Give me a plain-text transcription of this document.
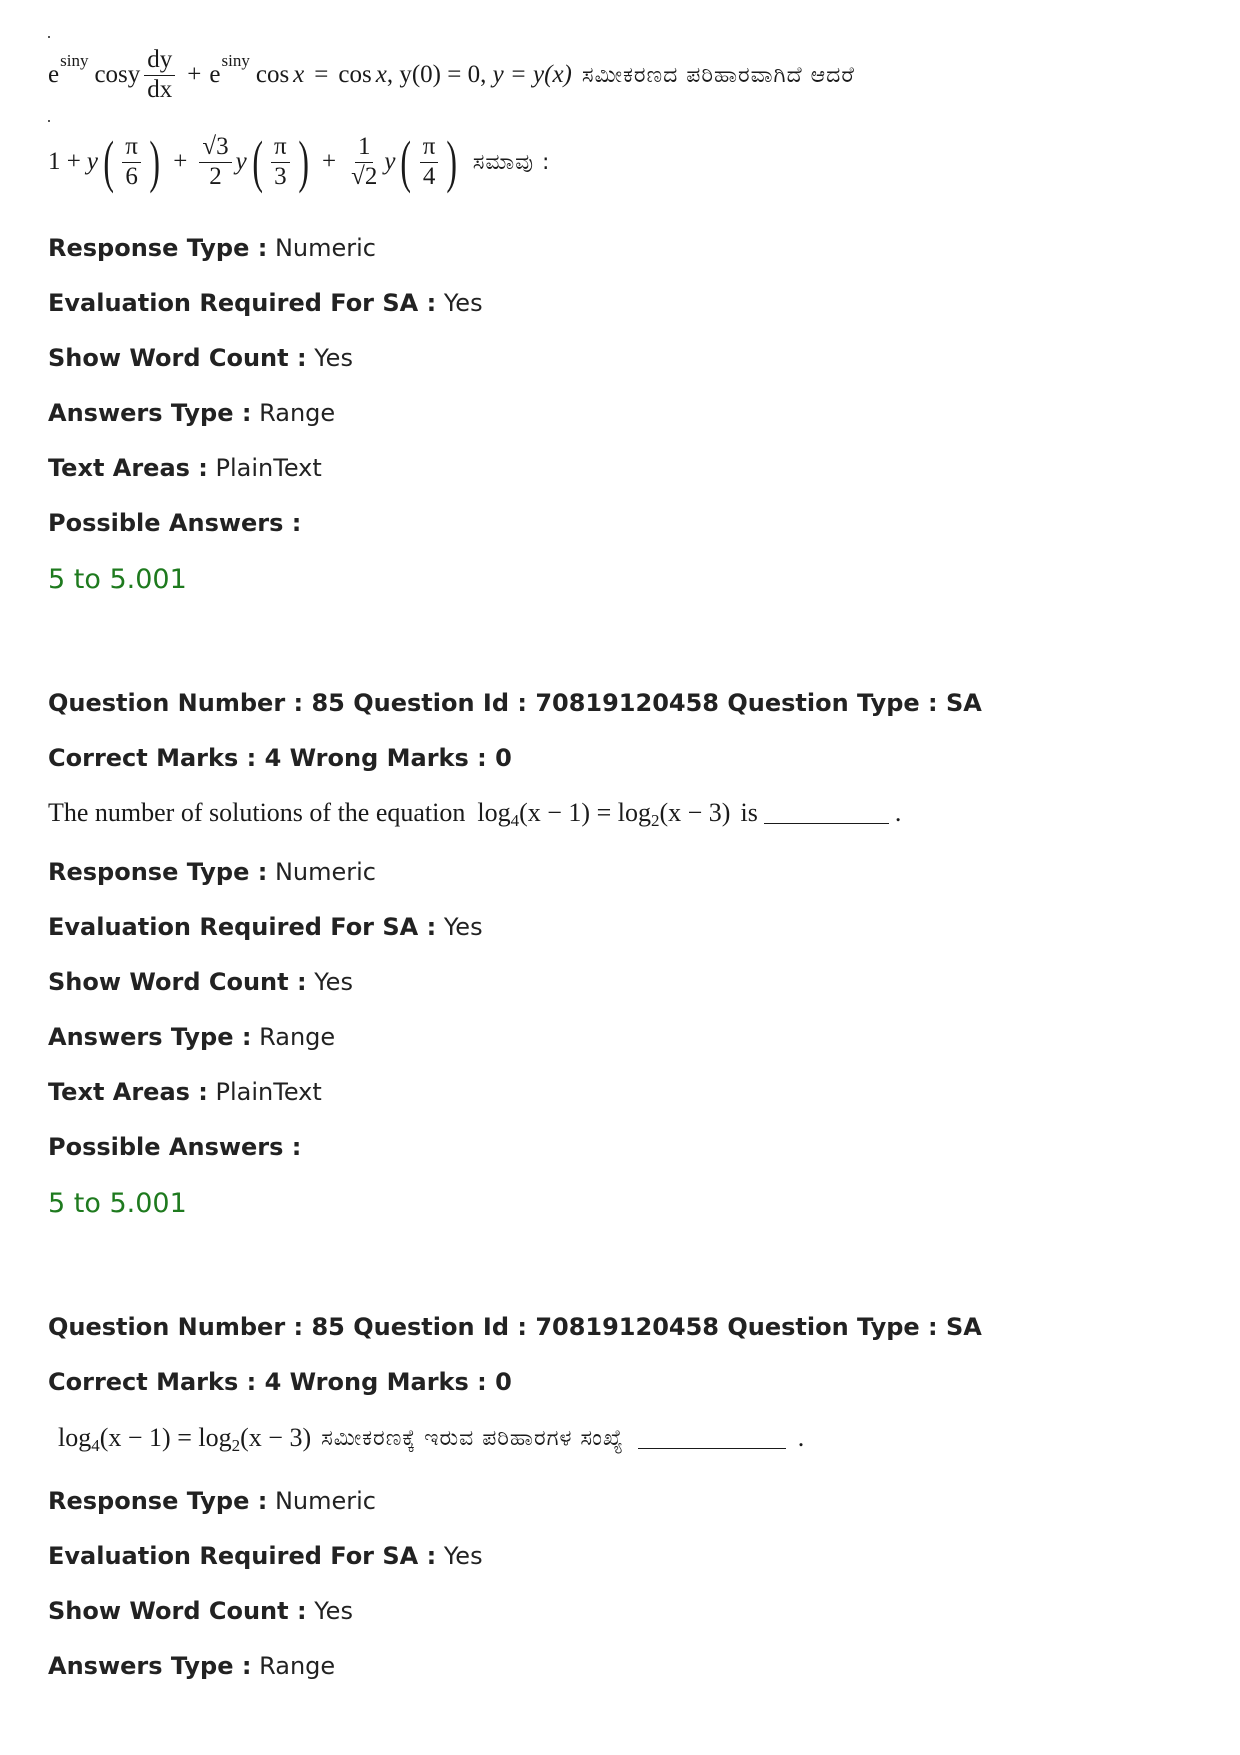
e
siny
cosy $\frac{dy}{dx} + e$
siny
cos x = cos x , y(0) = 0, y = y(x) ಸಮೀಕರಣದ ಪರಿಹಾರವಾಗಿದೆ ಆದರೆ
1 + y ( $\frac{\pi}{6}$ ) + $\frac{√3}{2}$ y ( $\frac{\pi}{3}$ ) + $\frac{1}{√2}$ y ( $\frac{\pi}{4}$ ) ಸಮಾವು :
Response Type : Numeric
Evaluation Required For SA : Yes
Show Word Count : Yes
Answers Type : Range
Text Areas : PlainText
Possible Answers :
5 to 5.001
Question Number : 85 Question Id : 70819120458 Question Type : SA
Correct Marks : 4 Wrong Marks : 0
The number of solutions of the equation log 4 (x − 1) = log 2 (x − 3) is	.
Response Type : Numeric
Evaluation Required For SA : Yes
Show Word Count : Yes
Answers Type : Range
Text Areas : PlainText
Possible Answers :
5 to 5.001
Question Number : 85 Question Id : 70819120458 Question Type : SA
Correct Marks : 4 Wrong Marks : 0
log 4 (x − 1) = log 2 (x − 3) ಸಮೀಕರಣಕ್ಕೆ ಇರುವ ಪರಿಹಾರಗಳ ಸಂಖ್ಯೆ	.
Response Type : Numeric
Evaluation Required For SA : Yes
Show Word Count : Yes
Answers Type : Range
